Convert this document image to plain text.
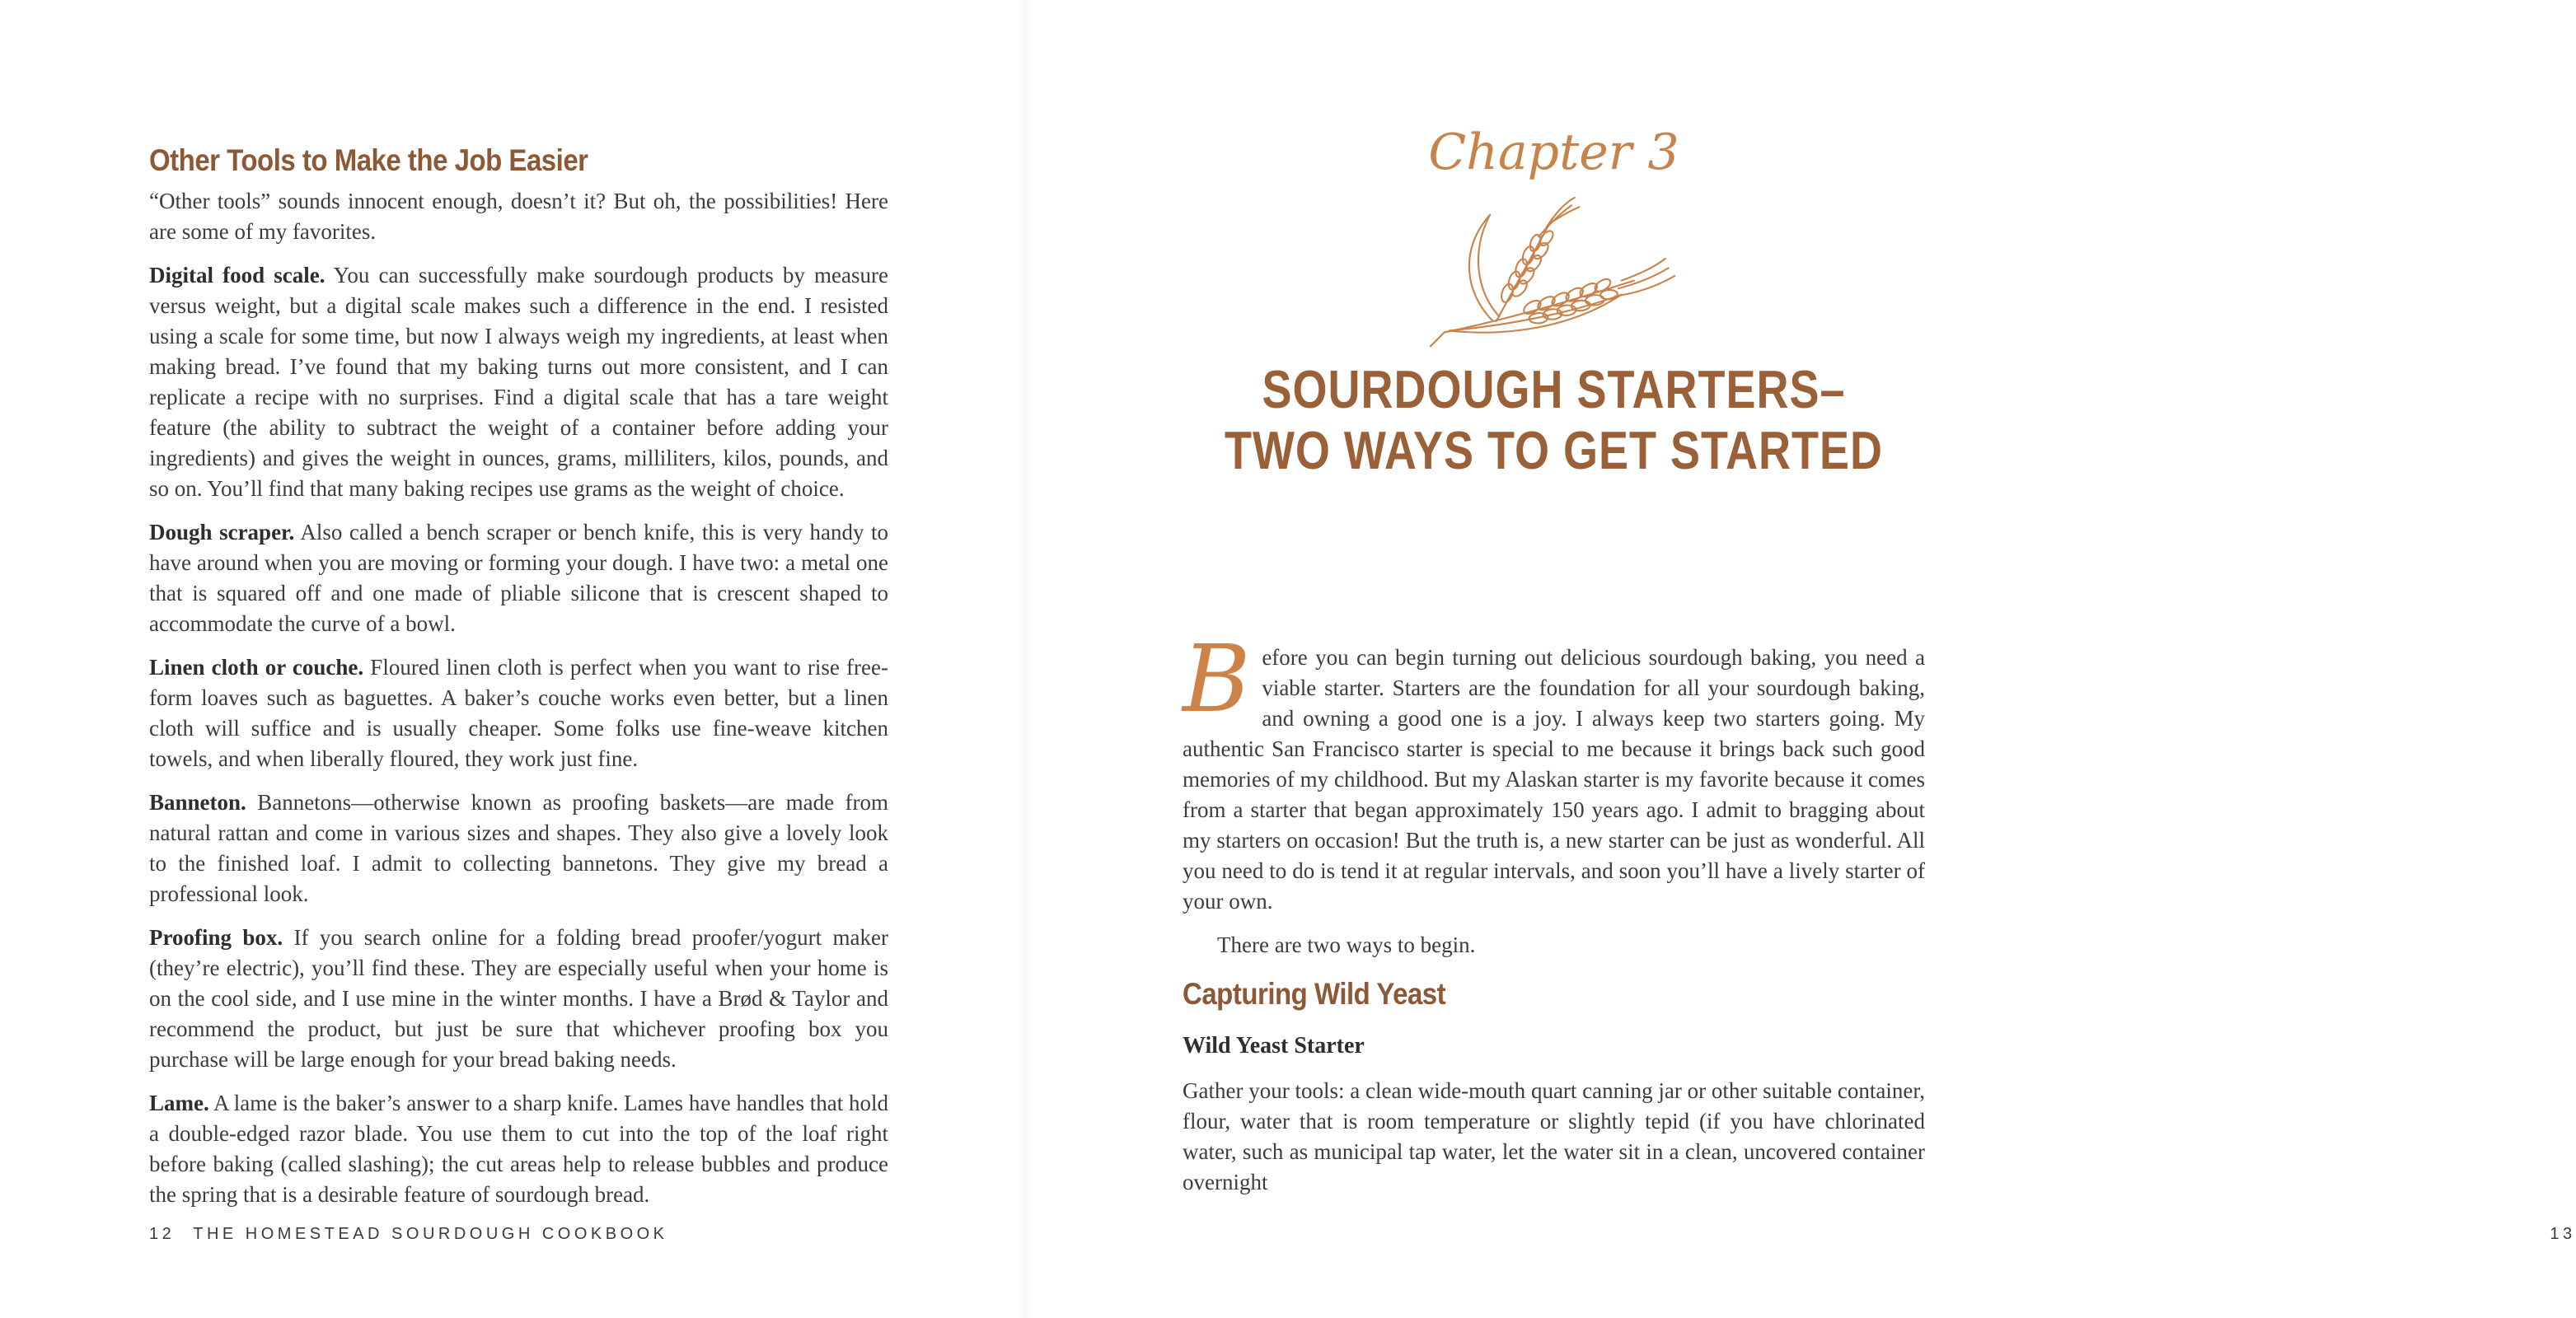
Other Tools to Make the Job Easier

“Other tools” sounds innocent enough, doesn’t it? But oh, the possibilities! Here are some of my favorites.

Digital food scale. You can successfully make sourdough products by measure versus weight, but a digital scale makes such a difference in the end. I resisted using a scale for some time, but now I always weigh my ingredients, at least when making bread. I’ve found that my baking turns out more consistent, and I can replicate a recipe with no surprises. Find a digital scale that has a tare weight feature (the ability to subtract the weight of a container before adding your ingredients) and gives the weight in ounces, grams, milliliters, kilos, pounds, and so on. You’ll find that many baking recipes use grams as the weight of choice.

Dough scraper. Also called a bench scraper or bench knife, this is very handy to have around when you are moving or forming your dough. I have two: a metal one that is squared off and one made of pliable silicone that is crescent shaped to accommodate the curve of a bowl.

Linen cloth or couche. Floured linen cloth is perfect when you want to rise free-form loaves such as baguettes. A baker’s couche works even better, but a linen cloth will suffice and is usually cheaper. Some folks use fine-weave kitchen towels, and when liberally floured, they work just fine.

Banneton. Bannetons—otherwise known as proofing baskets—are made from natural rattan and come in various sizes and shapes. They also give a lovely look to the finished loaf. I admit to collecting bannetons. They give my bread a professional look.

Proofing box. If you search online for a folding bread proofer/yogurt maker (they’re electric), you’ll find these. They are especially useful when your home is on the cool side, and I use mine in the winter months. I have a Brød & Taylor and recommend the product, but just be sure that whichever proofing box you purchase will be large enough for your bread baking needs.

Lame. A lame is the baker’s answer to a sharp knife. Lames have handles that hold a double-edged razor blade. You use them to cut into the top of the loaf right before baking (called slashing); the cut areas help to release bubbles and produce the spring that is a desirable feature of sourdough bread.

12 THE HOMESTEAD SOURDOUGH COOKBOOK
Chapter 3
SOURDOUGH STARTERS–
TWO WAYS TO GET STARTED

Before you can begin turning out delicious sourdough baking, you need a viable starter. Starters are the foundation for all your sourdough baking, and owning a good one is a joy. I always keep two starters going. My authentic San Francisco starter is special to me because it brings back such good memories of my childhood. But my Alaskan starter is my favorite because it comes from a starter that began approximately 150 years ago. I admit to bragging about my starters on occasion! But the truth is, a new starter can be just as wonderful. All you need to do is tend it at regular intervals, and soon you’ll have a lively starter of your own.

There are two ways to begin.

Capturing Wild Yeast
Wild Yeast Starter

Gather your tools: a clean wide-mouth quart canning jar or other suitable container, flour, water that is room temperature or slightly tepid (if you have chlorinated water, such as municipal tap water, let the water sit in a clean, uncovered container overnight

13
